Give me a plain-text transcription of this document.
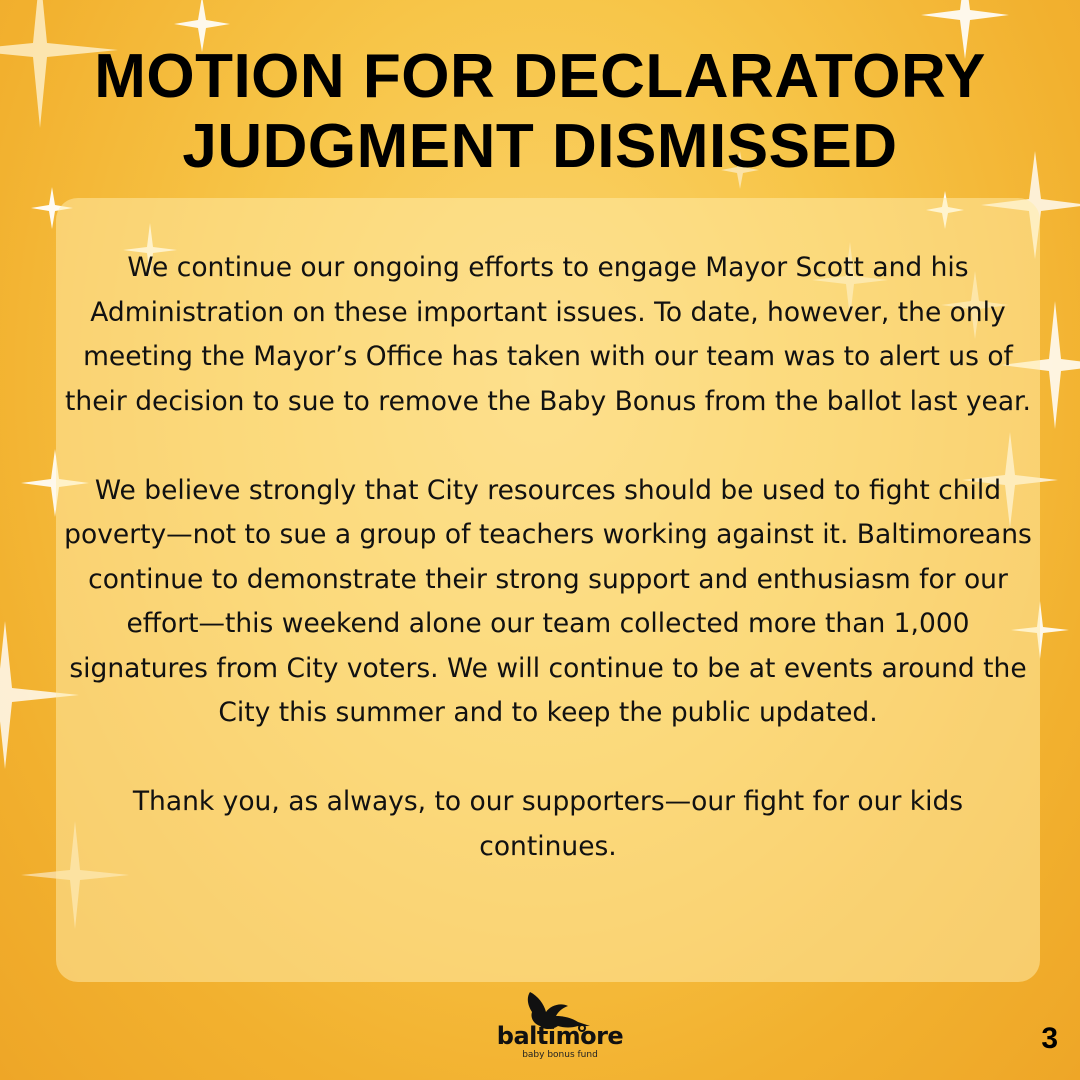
MOTION FOR DECLARATORY
JUDGMENT DISMISSED

We continue our ongoing efforts to engage Mayor Scott and his Administration on these important issues. To date, however, the only meeting the Mayor’s Office has taken with our team was to alert us of their decision to sue to remove the Baby Bonus from the ballot last year.

We believe strongly that City resources should be used to fight child poverty—not to sue a group of teachers working against it. Baltimoreans continue to demonstrate their strong support and enthusiasm for our effort—this weekend alone our team collected more than 1,000 signatures from City voters. We will continue to be at events around the City this summer and to keep the public updated.

Thank you, as always, to our supporters—our fight for our kids continues.

baltimore
baby bonus fund	3
